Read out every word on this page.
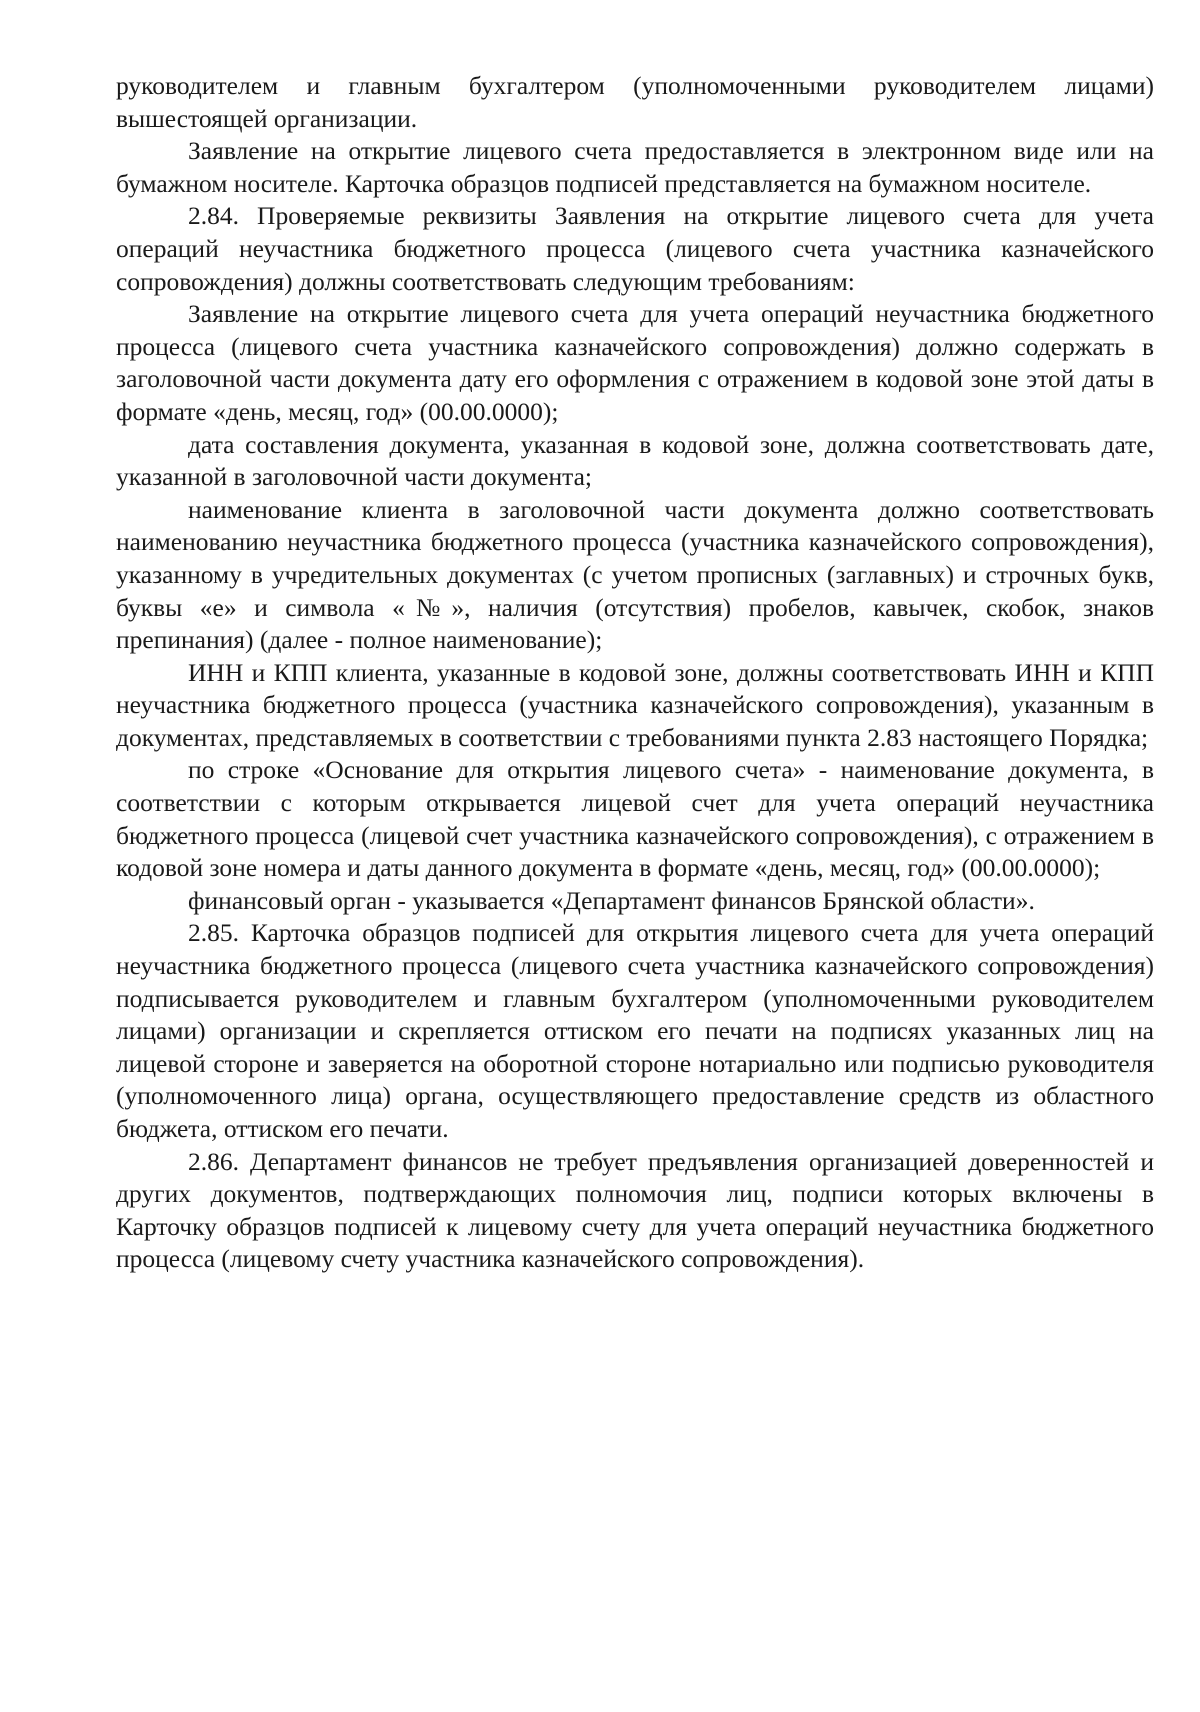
руководителем и главным бухгалтером (уполномоченными руководителем лицами) вышестоящей организации.

Заявление на открытие лицевого счета предоставляется в электронном виде или на бумажном носителе. Карточка образцов подписей представляется на бумажном носителе.

2.84. Проверяемые реквизиты Заявления на открытие лицевого счета для учета операций неучастника бюджетного процесса (лицевого счета участника казначейского сопровождения) должны соответствовать следующим требованиям:

Заявление на открытие лицевого счета для учета операций неучастника бюджетного процесса (лицевого счета участника казначейского сопровождения) должно содержать в заголовочной части документа дату его оформления с отражением в кодовой зоне этой даты в формате «день, месяц, год» (00.00.0000);

дата составления документа, указанная в кодовой зоне, должна соответствовать дате, указанной в заголовочной части документа;

наименование клиента в заголовочной части документа должно соответствовать наименованию неучастника бюджетного процесса (участника казначейского сопровождения), указанному в учредительных документах (с учетом прописных (заглавных) и строчных букв, буквы «е» и символа «№», наличия (отсутствия) пробелов, кавычек, скобок, знаков препинания) (далее - полное наименование);

ИНН и КПП клиента, указанные в кодовой зоне, должны соответствовать ИНН и КПП неучастника бюджетного процесса (участника казначейского сопровождения), указанным в документах, представляемых в соответствии с требованиями пункта 2.83 настоящего Порядка;

по строке «Основание для открытия лицевого счета» - наименование документа, в соответствии с которым открывается лицевой счет для учета операций неучастника бюджетного процесса (лицевой счет участника казначейского сопровождения), с отражением в кодовой зоне номера и даты данного документа в формате «день, месяц, год» (00.00.0000);

финансовый орган - указывается «Департамент финансов Брянской области».

2.85. Карточка образцов подписей для открытия лицевого счета для учета операций неучастника бюджетного процесса (лицевого счета участника казначейского сопровождения) подписывается руководителем и главным бухгалтером (уполномоченными руководителем лицами) организации и скрепляется оттиском его печати на подписях указанных лиц на лицевой стороне и заверяется на оборотной стороне нотариально или подписью руководителя (уполномоченного лица) органа, осуществляющего предоставление средств из областного бюджета, оттиском его печати.

2.86. Департамент финансов не требует предъявления организацией доверенностей и других документов, подтверждающих полномочия лиц, подписи которых включены в Карточку образцов подписей к лицевому счету для учета операций неучастника бюджетного процесса (лицевому счету участника казначейского сопровождения).
